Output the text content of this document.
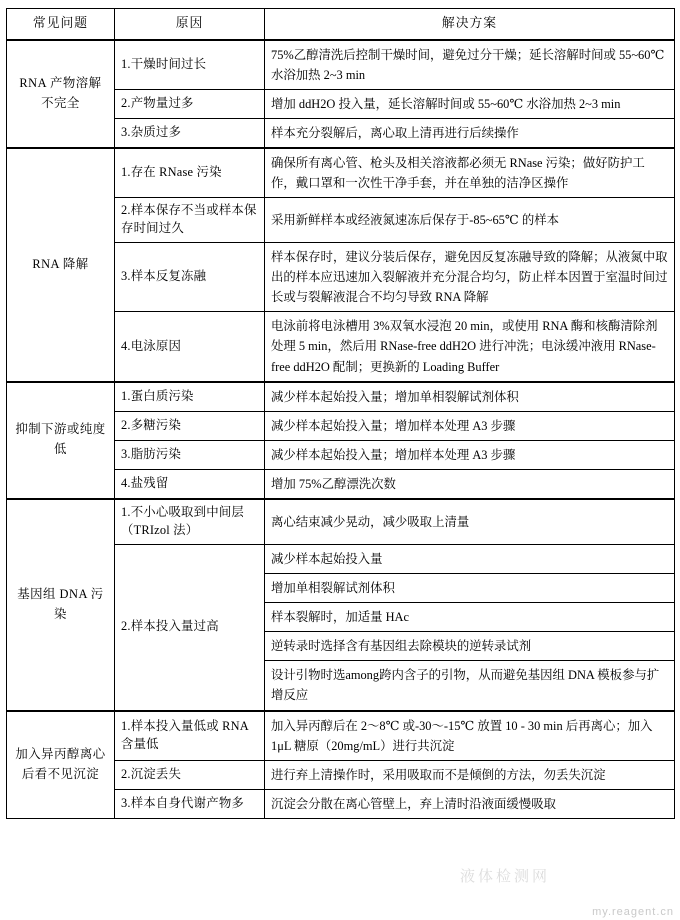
常见问题	原因	解决方案
RNA 产物溶解不完全	1.干燥时间过长	75%乙醇清洗后控制干燥时间，避免过分干燥；延长溶解时间或 55~60℃ 水浴加热 2~3 min
	2.产物量过多	增加 ddH2O 投入量，延长溶解时间或 55~60℃ 水浴加热 2~3 min
	3.杂质过多	样本充分裂解后，离心取上清再进行后续操作
RNA 降解	1.存在 RNase 污染	确保所有离心管、枪头及相关溶液都必须无 RNase 污染；做好防护工作，戴口罩和一次性干净手套，并在单独的洁净区操作
	2.样本保存不当或样本保存时间过久	采用新鲜样本或经液氮速冻后保存于-85~65℃ 的样本
	3.样本反复冻融	样本保存时，建议分装后保存，避免因反复冻融导致的降解；从液氮中取出的样本应迅速加入裂解液并充分混合均匀，防止样本因置于室温时间过长或与裂解液混合不均匀导致 RNA 降解
	4.电泳原因	电泳前将电泳槽用 3%双氧水浸泡 20 min，或使用 RNA 酶和核酶清除剂处理 5 min，然后用 RNase-free ddH2O 进行冲洗；电泳缓冲液用 RNase-free ddH2O 配制；更换新的 Loading Buffer
抑制下游或纯度低	1.蛋白质污染	减少样本起始投入量；增加单相裂解试剂体积
	2.多糖污染	减少样本起始投入量；增加样本处理 A3 步骤
	3.脂肪污染	减少样本起始投入量；增加样本处理 A3 步骤
	4.盐残留	增加 75%乙醇漂洗次数
基因组 DNA 污染	1.不小心吸取到中间层（TRIzol 法）	离心结束减少晃动，减少吸取上清量
	2.样本投入量过高	减少样本起始投入量
		增加单相裂解试剂体积
		样本裂解时，加适量 HAc
		逆转录时选择含有基因组去除模块的逆转录试剂
		设计引物时选among跨内含子的引物，从而避免基因组 DNA 模板参与扩增反应
加入异丙醇离心后看不见沉淀	1.样本投入量低或 RNA 含量低	加入异丙醇后在 2～8℃ 或-30～-15℃ 放置 10 - 30 min 后再离心；加入 1μL 糖原（20mg/mL）进行共沉淀
	2.沉淀丢失	进行弃上清操作时，采用吸取而不是倾倒的方法，勿丢失沉淀
	3.样本自身代谢产物多	沉淀会分散在离心管壁上，弃上清时沿液面缓慢吸取
液体检测网
my.reagent.cn
